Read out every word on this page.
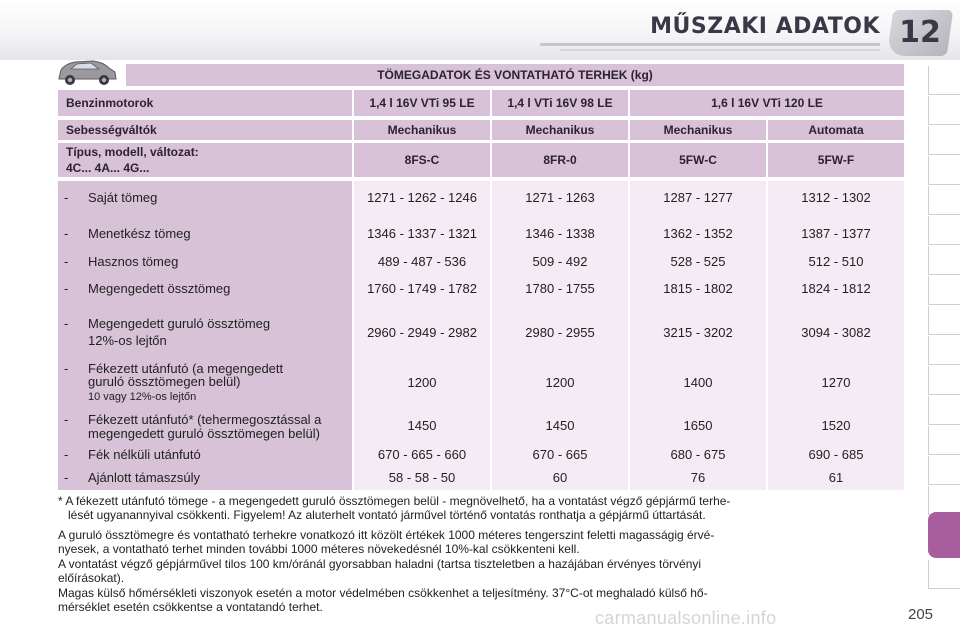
MŰSZAKI ADATOK 12
TÖMEGADATOK ÉS VONTATHATÓ TERHEK (kg)
Benzinmotorok	1,4 l 16V VTi 95 LE	1,4 l VTi 16V 98 LE	1,6 l 16V VTi 120 LE
Sebességváltók	Mechanikus	Mechanikus	Mechanikus	Automata
Típus, modell, változat:
4C... 4A... 4G...
8FS-C	8FR-0	5FW-C	5FW-F
- Saját tömeg	1271 - 1262 - 1246	1271 - 1263	1287 - 1277	1312 - 1302
- Menetkész tömeg	1346 - 1337 - 1321	1346 - 1338	1362 - 1352	1387 - 1377
- Hasznos tömeg	489 - 487 - 536	509 - 492	528 - 525	512 - 510
- Megengedett össztömeg	1760 - 1749 - 1782	1780 - 1755	1815 - 1802	1824 - 1812
- Megengedett guruló össztömeg
12%-os lejtőn
2960 - 2949 - 2982	2980 - 2955	3215 - 3202	3094 - 3082
- Fékezett utánfutó (a megengedett
guruló össztömegen belül)
10 vagy 12%-os lejtőn
1200	1200	1400	1270
- Fékezett utánfutó* (tehermegosztással a
megengedett guruló össztömegen belül)
1450	1450	1650	1520
- Fék nélküli utánfutó	670 - 665 - 660	670 - 665	680 - 675	690 - 685
- Ajánlott támaszsúly	58 - 58 - 50	60	76	61
* A fékezett utánfutó tömege - a megengedett guruló össztömegen belül - megnövelhető, ha a vontatást végző gépjármű terhe-
lését ugyanannyival csökkenti. Figyelem! Az aluterhelt vontató járművel történő vontatás ronthatja a gépjármű úttartását.
A guruló össztömegre és vontatható terhekre vonatkozó itt közölt értékek 1000 méteres tengerszint feletti magasságig érvé-
nyesek, a vontatható terhet minden további 1000 méteres növekedésnél 10%-kal csökkenteni kell.
A vontatást végző gépjárművel tilos 100 km/óránál gyorsabban haladni (tartsa tiszteletben a hazájában érvényes törvényi
előírásokat).
Magas külső hőmérsékleti viszonyok esetén a motor védelmében csökkenhet a teljesítmény. 37°C-ot meghaladó külső hő-
mérséklet esetén csökkentse a vontatandó terhet.
carmanualsonline.info	205
